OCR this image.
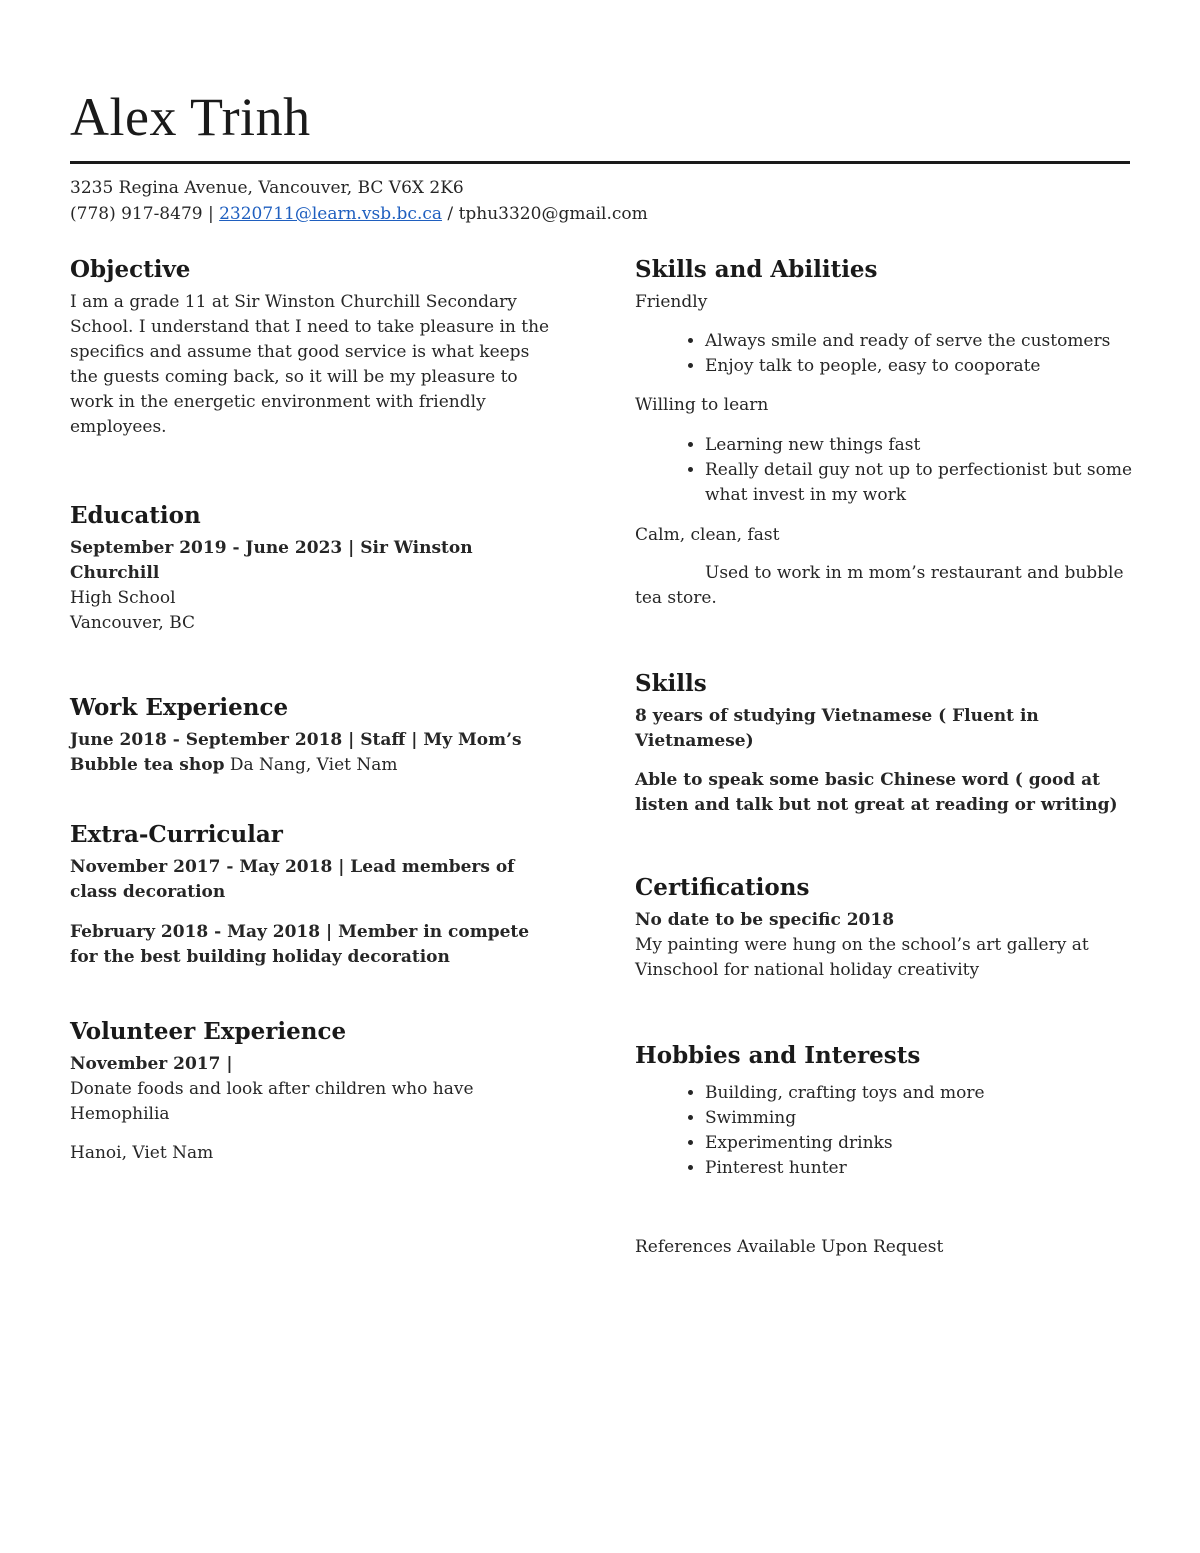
Alex Trinh
3235 Regina Avenue, Vancouver, BC V6X 2K6
(778) 917-8479 | 2320711@learn.vsb.bc.ca / tphu3320@gmail.com
Objective

I am a grade 11 at Sir Winston Churchill Secondary School. I understand that I need to take pleasure in the specifics and assume that good service is what keeps the guests coming back, so it will be my pleasure to work in the energetic environment with friendly employees.

Education

September 2019 - June 2023 | Sir Winston Churchill

High School

Vancouver, BC

Work Experience

June 2018 - September 2018 | Staff | My Mom’s Bubble tea shop Da Nang, Viet Nam

Extra-Curricular

November 2017 - May 2018 | Lead members of class decoration

February 2018 - May 2018 | Member in compete for the best building holiday decoration

Volunteer Experience

November 2017 |

Donate foods and look after children who have Hemophilia

Hanoi, Viet Nam

Skills and Abilities

Friendly

• Always smile and ready of serve the customers
• Enjoy talk to people, easy to cooporate

Willing to learn

• Learning new things fast
• Really detail guy not up to perfectionist but some what invest in my work

Calm, clean, fast

Used to work in m mom’s restaurant and bubble tea store.

Skills

8 years of studying Vietnamese ( Fluent in Vietnamese)

Able to speak some basic Chinese word ( good at listen and talk but not great at reading or writing)

Certifications

No date to be specific 2018

My painting were hung on the school’s art gallery at Vinschool for national holiday creativity

Hobbies and Interests
• Building, crafting toys and more
• Swimming
• Experimenting drinks
• Pinterest hunter

References Available Upon Request
